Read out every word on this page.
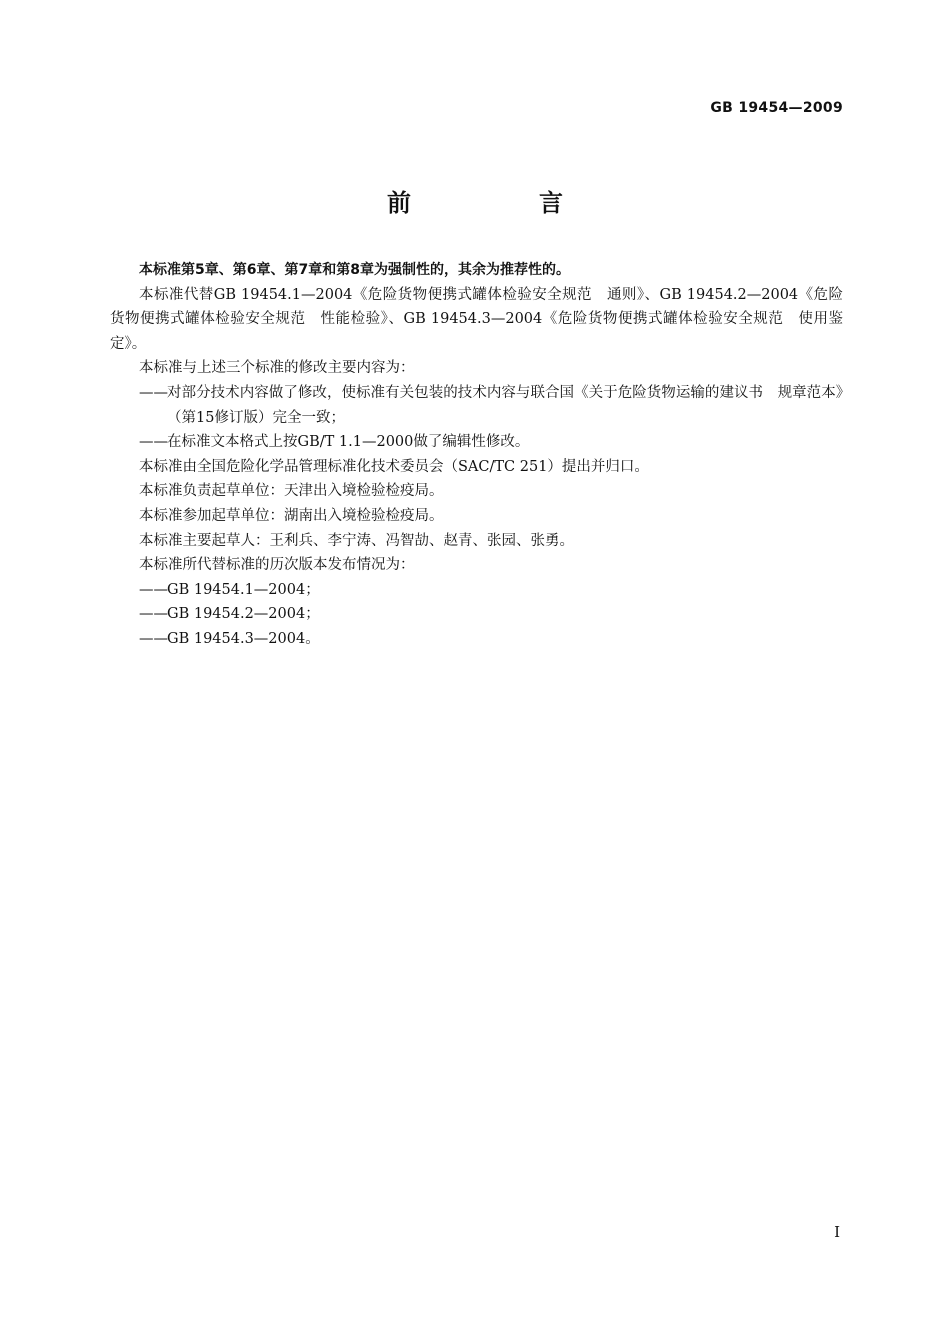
GB 19454—2009
前　言

本标准第5章、第6章、第7章和第8章为强制性的，其余为推荐性的。

本标准代替GB 19454.1—2004《危险货物便携式罐体检验安全规范　通则》、GB 19454.2—2004《危险货物便携式罐体检验安全规范　性能检验》、GB 19454.3—2004《危险货物便携式罐体检验安全规范　使用鉴定》。

本标准与上述三个标准的修改主要内容为：

——对部分技术内容做了修改，使标准有关包装的技术内容与联合国《关于危险货物运输的建议书　规章范本》（第15修订版）完全一致；
——在标准文本格式上按GB/T 1.1—2000做了编辑性修改。

本标准由全国危险化学品管理标准化技术委员会（SAC/TC 251）提出并归口。

本标准负责起草单位：天津出入境检验检疫局。

本标准参加起草单位：湖南出入境检验检疫局。

本标准主要起草人：王利兵、李宁涛、冯智劼、赵青、张园、张勇。

本标准所代替标准的历次版本发布情况为：

——GB 19454.1—2004；
——GB 19454.2—2004；
——GB 19454.3—2004。
I
